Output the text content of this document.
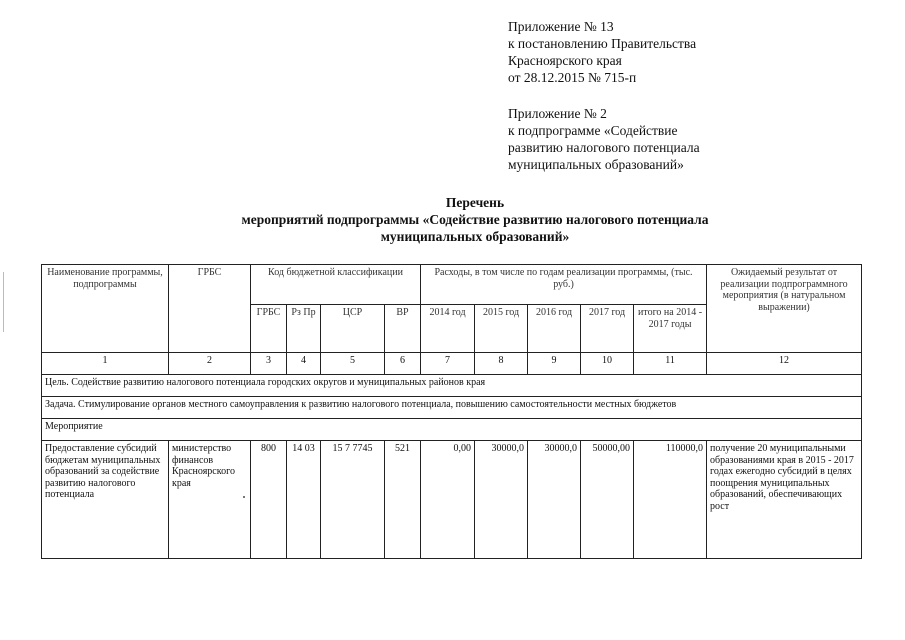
Приложение № 13
к постановлению Правительства
Красноярского края
от 28.12.2015 № 715-п
Приложение № 2
к подпрограмме «Содействие
развитию налогового потенциала
муниципальных образований»
Перечень
мероприятий подпрограммы «Содействие развитию налогового потенциала
муниципальных образований»
Наименование программы, подпрограммы	ГРБС	Код бюджетной классификации				Расходы, в том числе по годам реализации программы, (тыс. руб.)					Ожидаемый результат от реализации подпрограммного мероприятия (в натуральном выражении)
		ГРБС	Рз Пр	ЦСР	ВР	2014 год	2015 год	2016 год	2017 год	итого на 2014 - 2017 годы	
1	2	3	4	5	6	7	8	9	10	11	12
Цель. Содействие развитию налогового потенциала городских округов и муниципальных районов края											
Задача. Стимулирование органов местного самоуправления к развитию налогового потенциала, повышению самостоятельности местных бюджетов											
Мероприятие											
Предоставление субсидий бюджетам муниципальных образований за содействие развитию налогового потенциала	министерство финансов Красноярского края	800	14 03	15 7 7745	521	0,00	30000,0	30000,0	50000,00	110000,0	получение 20 муниципальными образованиями края в 2015 - 2017 годах ежегодно субсидий в целях поощрения муниципальных образований, обеспечивающих рост
